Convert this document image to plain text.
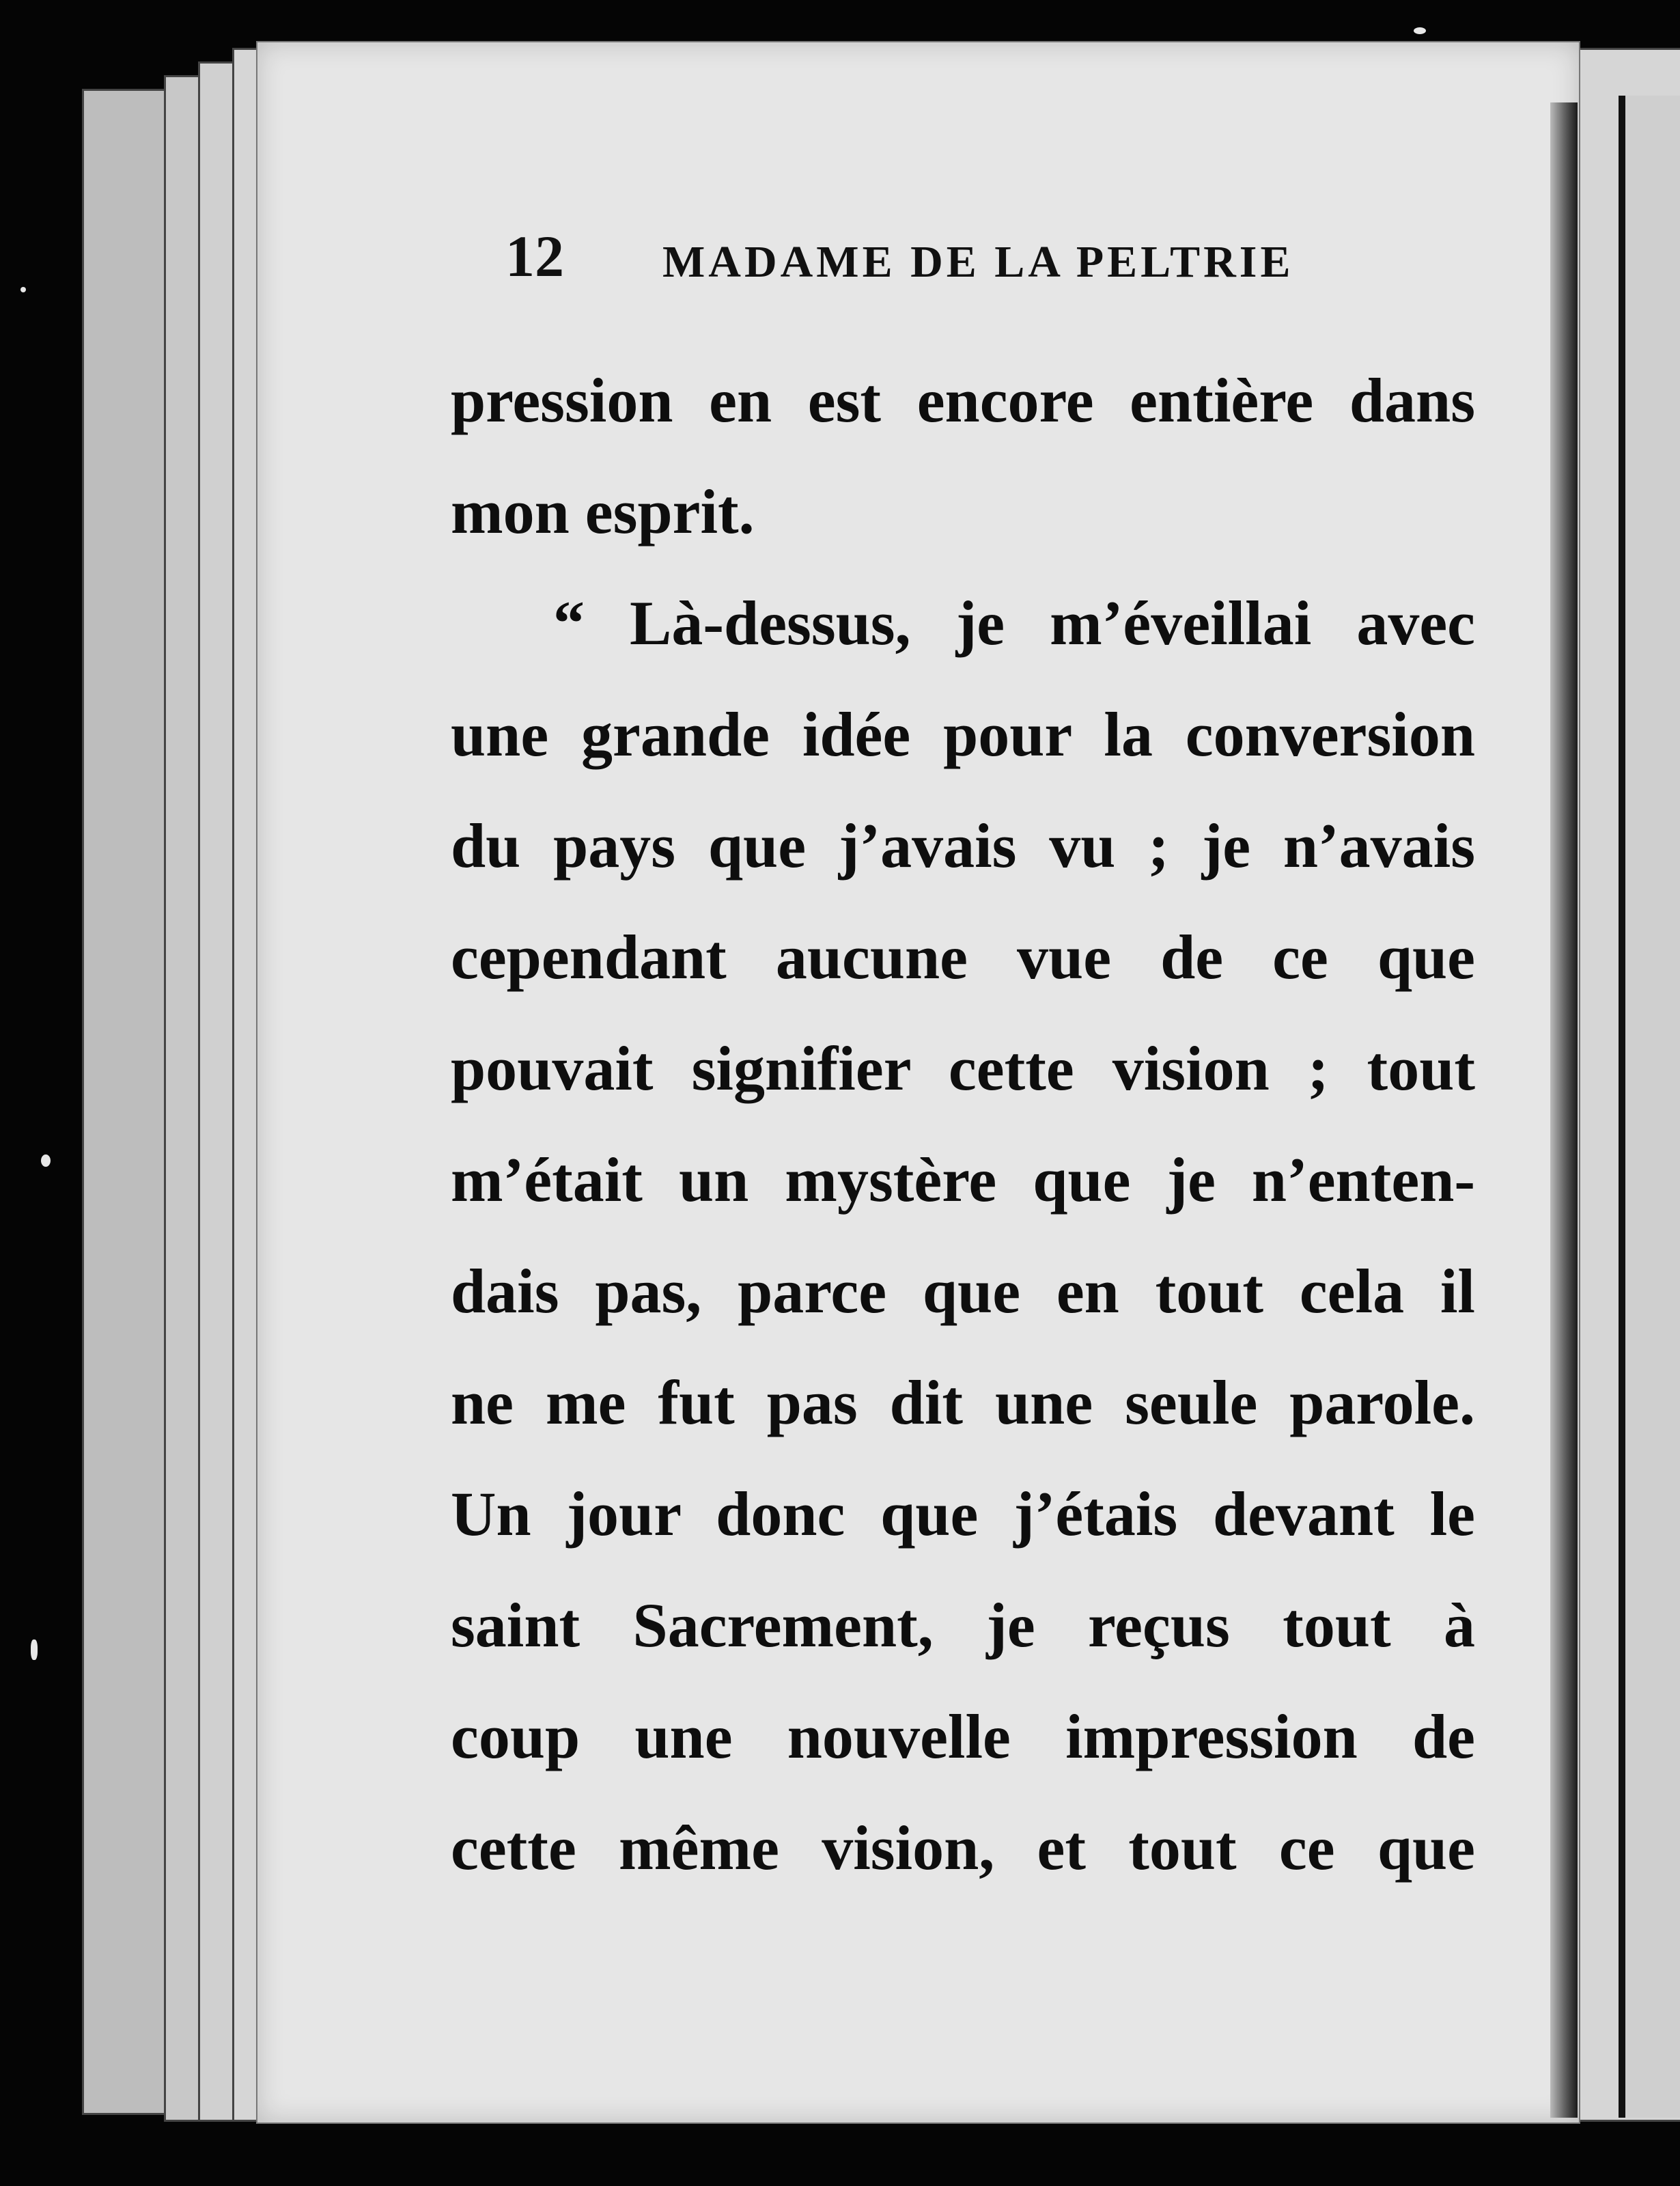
12 MADAME DE LA PELTRIE
pression en est encore entière dans
mon esprit.
“ Là-dessus, je m’éveillai avec
une grande idée pour la conversion
du pays que j’avais vu ; je n’avais
cependant aucune vue de ce que
pouvait signifier cette vision ; tout
m’était un mystère que je n’enten-
dais pas, parce que en tout cela il
ne me fut pas dit une seule parole.
Un jour donc que j’étais devant le
saint Sacrement, je reçus tout à
coup une nouvelle impression de
cette même vision, et tout ce que
